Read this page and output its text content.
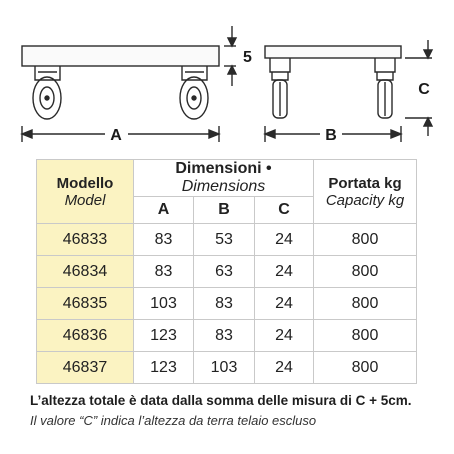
5
A	B
C
Modello
Model	Dimensioni • Dimensions			Portata kg
Capacity kg

	A	B	C	
46833	83	53	24	800
46834	83	63	24	800
46835	103	83	24	800
46836	123	83	24	800
46837	123	103	24	800
L’altezza totale è data dalla somma delle misura di C + 5cm.
Il valore “C” indica l’altezza da terra telaio escluso
